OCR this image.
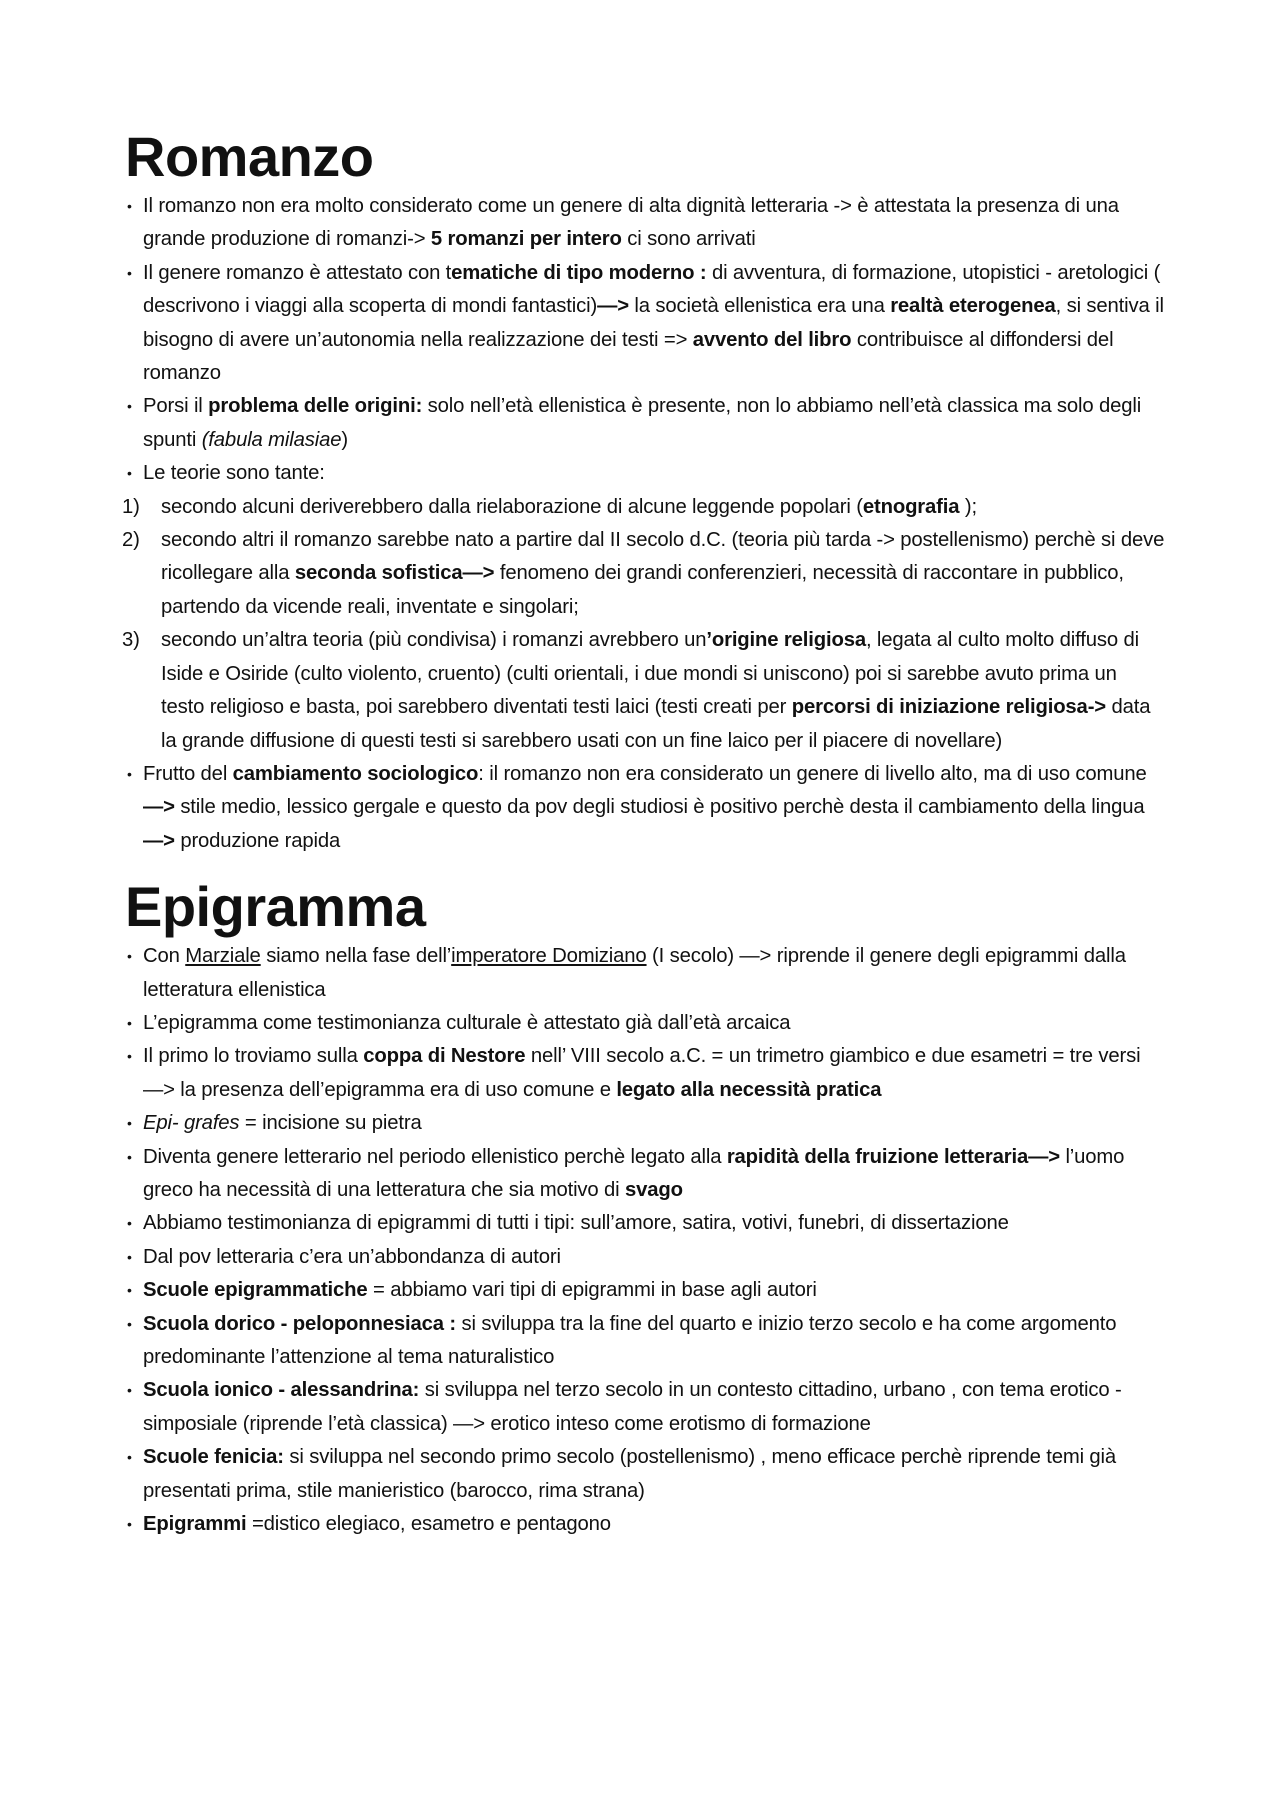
Romanzo
• Il romanzo non era molto considerato come un genere di alta dignità letteraria -> è attestata la presenza di una grande produzione di romanzi-> 5 romanzi per intero ci sono arrivati
• Il genere romanzo è attestato con tematiche di tipo moderno : di avventura, di formazione, utopistici - aretologici ( descrivono i viaggi alla scoperta di mondi fantastici)—> la società ellenistica era una realtà eterogenea, si sentiva il bisogno di avere un’autonomia nella realizzazione dei testi => avvento del libro contribuisce al diffondersi del romanzo
• Porsi il problema delle origini: solo nell’età ellenistica è presente, non lo abbiamo nell’età classica ma solo degli spunti (fabula milasiae)
• Le teorie sono tante:
1) secondo alcuni deriverebbero dalla rielaborazione di alcune leggende popolari (etnografia );
2) secondo altri il romanzo sarebbe nato a partire dal II secolo d.C. (teoria più tarda -> postellenismo) perchè si deve ricollegare alla seconda sofistica—> fenomeno dei grandi conferenzieri, necessità di raccontare in pubblico, partendo da vicende reali, inventate e singolari;
3) secondo un’altra teoria (più condivisa) i romanzi avrebbero un’origine religiosa, legata al culto molto diffuso di Iside e Osiride (culto violento, cruento) (culti orientali, i due mondi si uniscono) poi si sarebbe avuto prima un testo religioso e basta, poi sarebbero diventati testi laici (testi creati per percorsi di iniziazione religiosa-> data la grande diffusione di questi testi si sarebbero usati con un fine laico per il piacere di novellare)
• Frutto del cambiamento sociologico: il romanzo non era considerato un genere di livello alto, ma di uso comune —> stile medio, lessico gergale e questo da pov degli studiosi è positivo perchè desta il cambiamento della lingua —> produzione rapida
Epigramma
• Con Marziale siamo nella fase dell’imperatore Domiziano (I secolo) —> riprende il genere degli epigrammi dalla letteratura ellenistica
• L’epigramma come testimonianza culturale è attestato già dall’età arcaica
• Il primo lo troviamo sulla coppa di Nestore nell’ VIII secolo a.C. = un trimetro giambico e due esametri = tre versi —> la presenza dell’epigramma era di uso comune e legato alla necessità pratica
• Epi- grafes = incisione su pietra
• Diventa genere letterario nel periodo ellenistico perchè legato alla rapidità della fruizione letteraria—> l’uomo greco ha necessità di una letteratura che sia motivo di svago
• Abbiamo testimonianza di epigrammi di tutti i tipi: sull’amore, satira, votivi, funebri, di dissertazione
• Dal pov letteraria c’era un’abbondanza di autori
• Scuole epigrammatiche = abbiamo vari tipi di epigrammi in base agli autori
• Scuola dorico - peloponnesiaca : si sviluppa tra la fine del quarto e inizio terzo secolo e ha come argomento predominante l’attenzione al tema naturalistico
• Scuola ionico - alessandrina: si sviluppa nel terzo secolo in un contesto cittadino, urbano , con tema erotico - simposiale (riprende l’età classica) —> erotico inteso come erotismo di formazione
• Scuole fenicia: si sviluppa nel secondo primo secolo (postellenismo) , meno efficace perchè riprende temi già presentati prima, stile manieristico (barocco, rima strana)
• Epigrammi =distico elegiaco, esametro e pentagono
